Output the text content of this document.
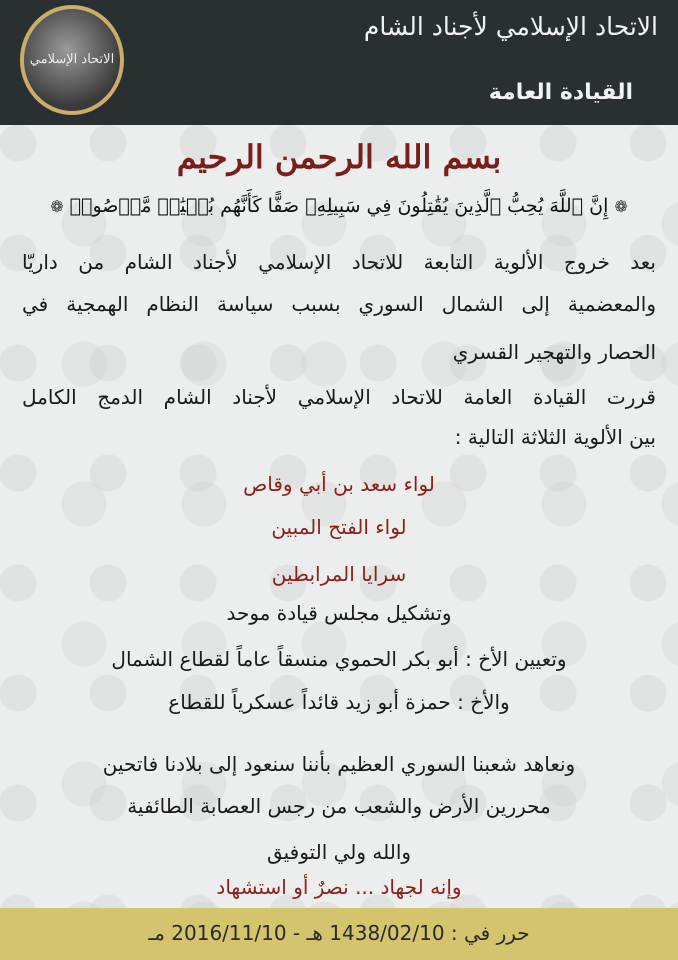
الاتحاد الإسلامي
الاتحاد الإسلامي لأجناد الشام
القيادة العامة
بسم الله الرحمن الرحيم
❁ إِنَّ ٱللَّهَ يُحِبُّ ٱلَّذِينَ يُقَٰتِلُونَ فِي سَبِيلِهِۦ صَفًّا كَأَنَّهُم بُنۡيَٰنٞ مَّرۡصُوصٞ ❁
بعد خروج الألوية التابعة للاتحاد الإسلامي لأجناد الشام من داريّا
والمعضمية إلى الشمال السوري بسبب سياسة النظام الهمجية في
الحصار والتهجير القسري
قررت القيادة العامة للاتحاد الإسلامي لأجناد الشام الدمج الكامل
بين الألوية الثلاثة التالية :
لواء سعد بن أبي وقاص
لواء الفتح المبين
سرايا المرابطين
وتشكيل مجلس قيادة موحد
وتعيين الأخ : أبو بكر الحموي منسقاً عاماً لقطاع الشمال
والأخ : حمزة أبو زيد قائداً عسكرياً للقطاع
ونعاهد شعبنا السوري العظيم بأننا سنعود إلى بلادنا فاتحين
محررين الأرض والشعب من رجس العصابة الطائفية
والله ولي التوفيق
وإنه لجهاد ... نصرٌ أو استشهاد
حرر في : 1438/02/10 هـ - 2016/11/10 مـ
